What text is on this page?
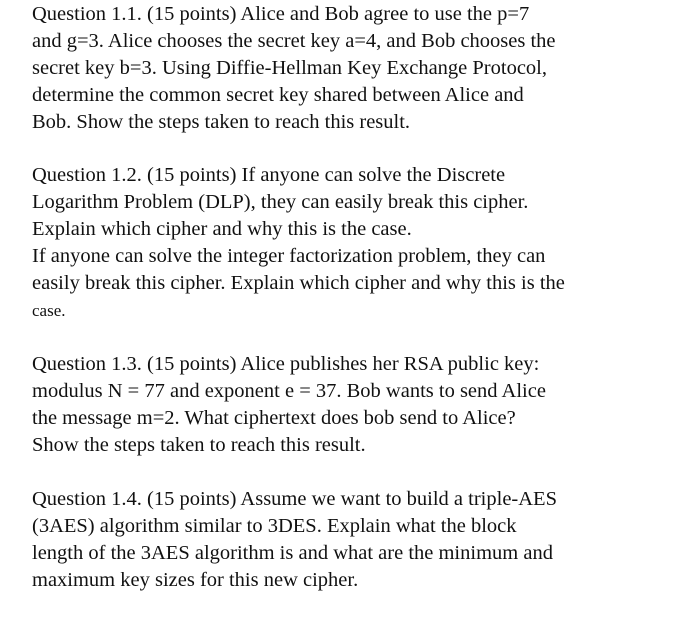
Question 1.1. (15 points) Alice and Bob agree to use the p=7
and g=3. Alice chooses the secret key a=4, and Bob chooses the
secret key b=3. Using Diffie-Hellman Key Exchange Protocol,
determine the common secret key shared between Alice and
Bob. Show the steps taken to reach this result.
Question 1.2. (15 points) If anyone can solve the Discrete
Logarithm Problem (DLP), they can easily break this cipher.
Explain which cipher and why this is the case.
If anyone can solve the integer factorization problem, they can
easily break this cipher. Explain which cipher and why this is the
case.
Question 1.3. (15 points) Alice publishes her RSA public key:
modulus N = 77 and exponent e = 37. Bob wants to send Alice
the message m=2. What ciphertext does bob send to Alice?
Show the steps taken to reach this result.
Question 1.4. (15 points) Assume we want to build a triple-AES
(3AES) algorithm similar to 3DES. Explain what the block
length of the 3AES algorithm is and what are the minimum and
maximum key sizes for this new cipher.
